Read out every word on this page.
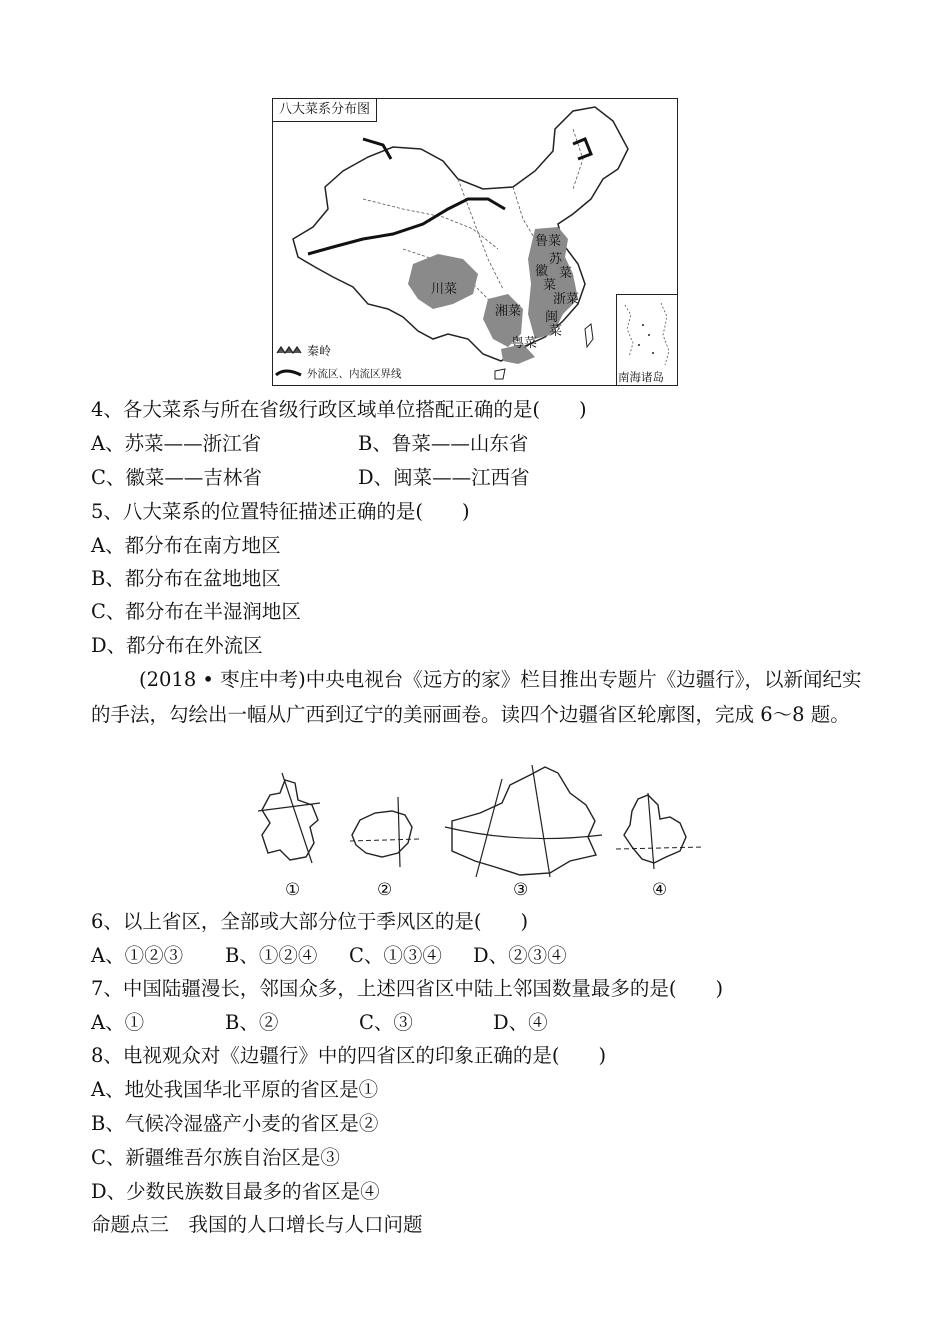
八大菜系分布图
鲁菜
苏
菜
徽
菜
浙菜
川菜
湘菜 闽
菜
粤菜
秦岭
外流区、内流区界线	南海诸岛
4、各大菜系与所在省级行政区域单位搭配正确的是(　　)
A、苏菜——浙江省	B、鲁菜——山东省
C、徽菜——吉林省	D、闽菜——江西省
5、八大菜系的位置特征描述正确的是(　　)
A、都分布在南方地区
B、都分布在盆地地区
C、都分布在半湿润地区
D、都分布在外流区
(2018 • 枣庄中考)中央电视台《远方的家》栏目推出专题片《边疆行》，以新闻纪实的手法，勾绘出一幅从广西到辽宁的美丽画卷。读四个边疆省区轮廓图，完成 6～8 题。
①	②	③	④
6、以上省区，全部或大部分位于季风区的是(　　)
A、①②③ B、①②④ C、①③④ D、②③④
7、中国陆疆漫长，邻国众多，上述四省区中陆上邻国数量最多的是(　　)
A、①	B、②	C、③	D、④
8、电视观众对《边疆行》中的四省区的印象正确的是(　　)
A、地处我国华北平原的省区是①
B、气候冷湿盛产小麦的省区是②
C、新疆维吾尔族自治区是③
D、少数民族数目最多的省区是④
命题点三　我国的人口增长与人口问题
